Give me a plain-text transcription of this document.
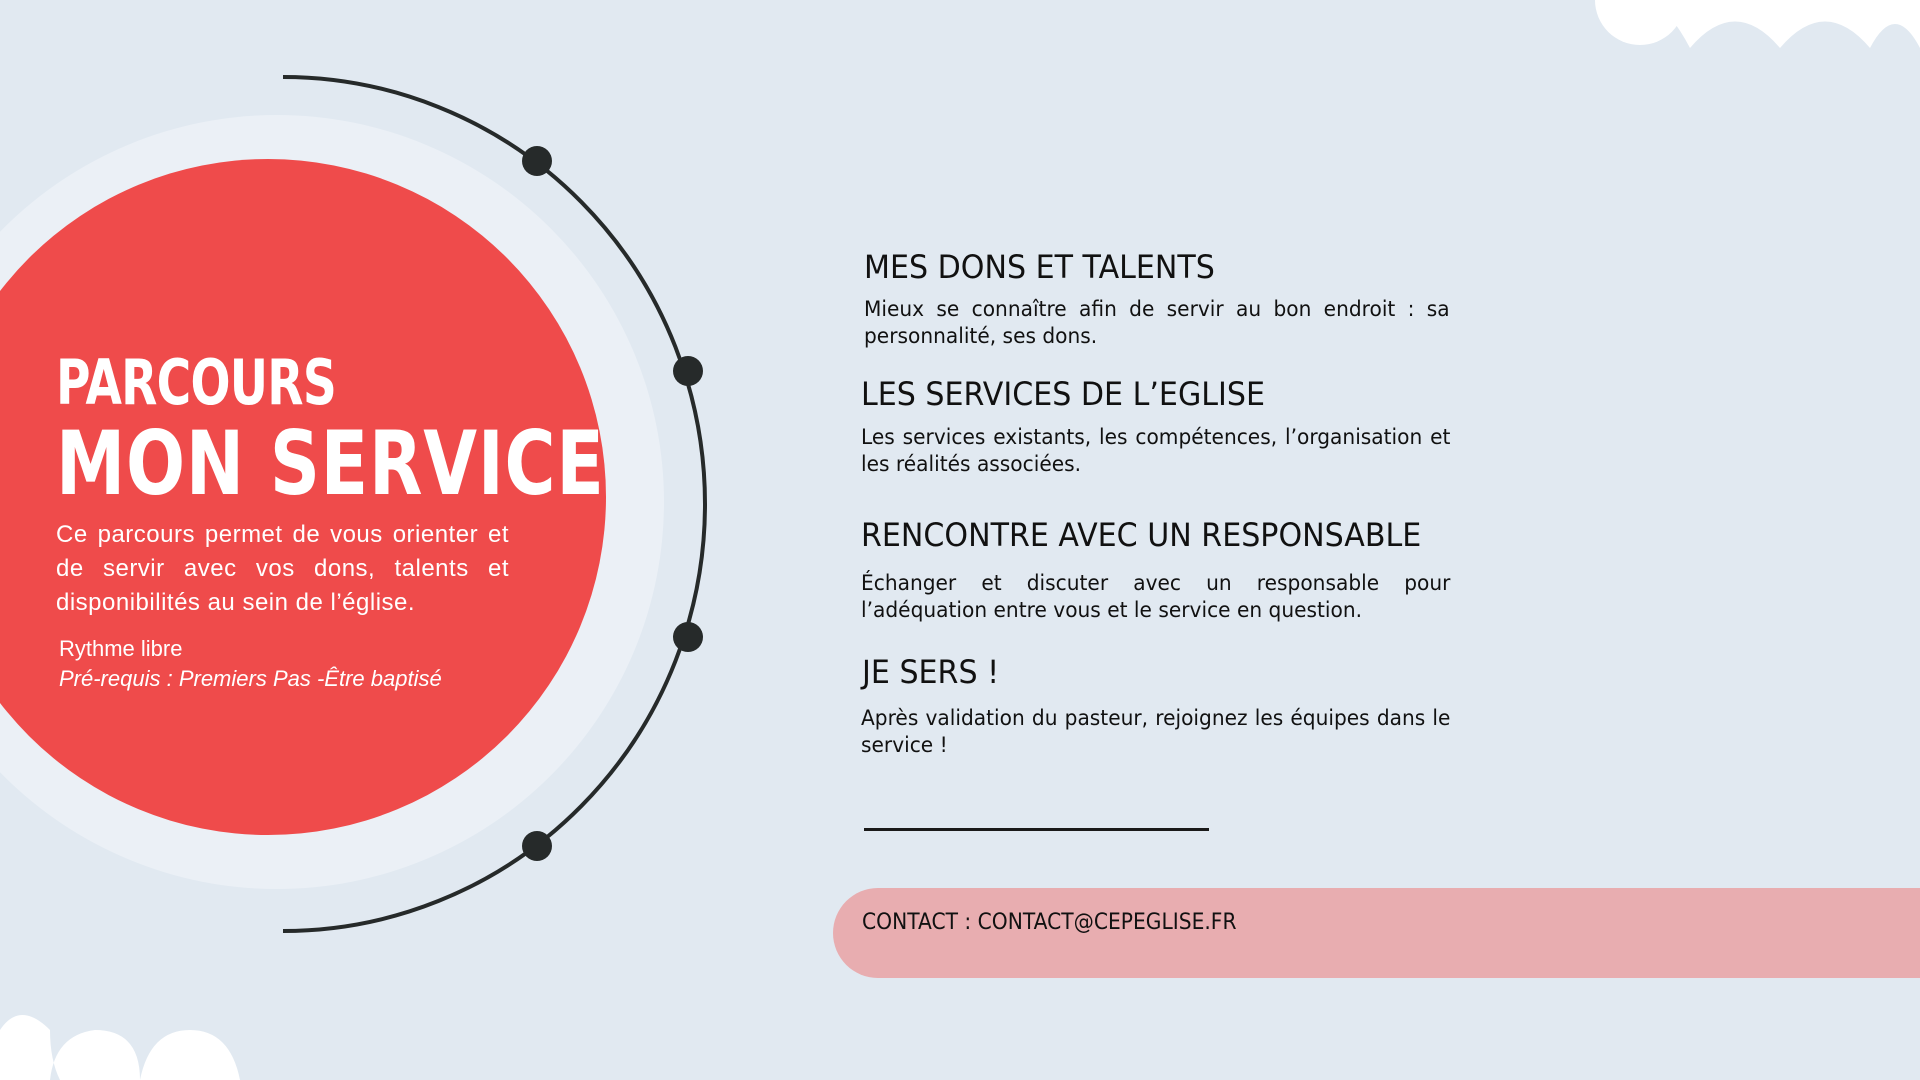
PARCOURS
MON SERVICE

Ce parcours permet de vous orienter et de servir avec vos dons, talents et disponibilités au sein de l’église.

Rythme libre

Pré-requis : Premiers Pas -Être baptisé

MES DONS ET TALENTS

Mieux se connaître afin de servir au bon endroit : sa personnalité, ses dons.

LES SERVICES DE L’EGLISE

Les services existants, les compétences, l’organisation et les réalités associées.

RENCONTRE AVEC UN RESPONSABLE

Échanger et discuter avec un responsable pour l’adéquation entre vous et le service en question.

JE SERS !

Après validation du pasteur, rejoignez les équipes dans le service !

CONTACT : CONTACT@CEPEGLISE.FR
